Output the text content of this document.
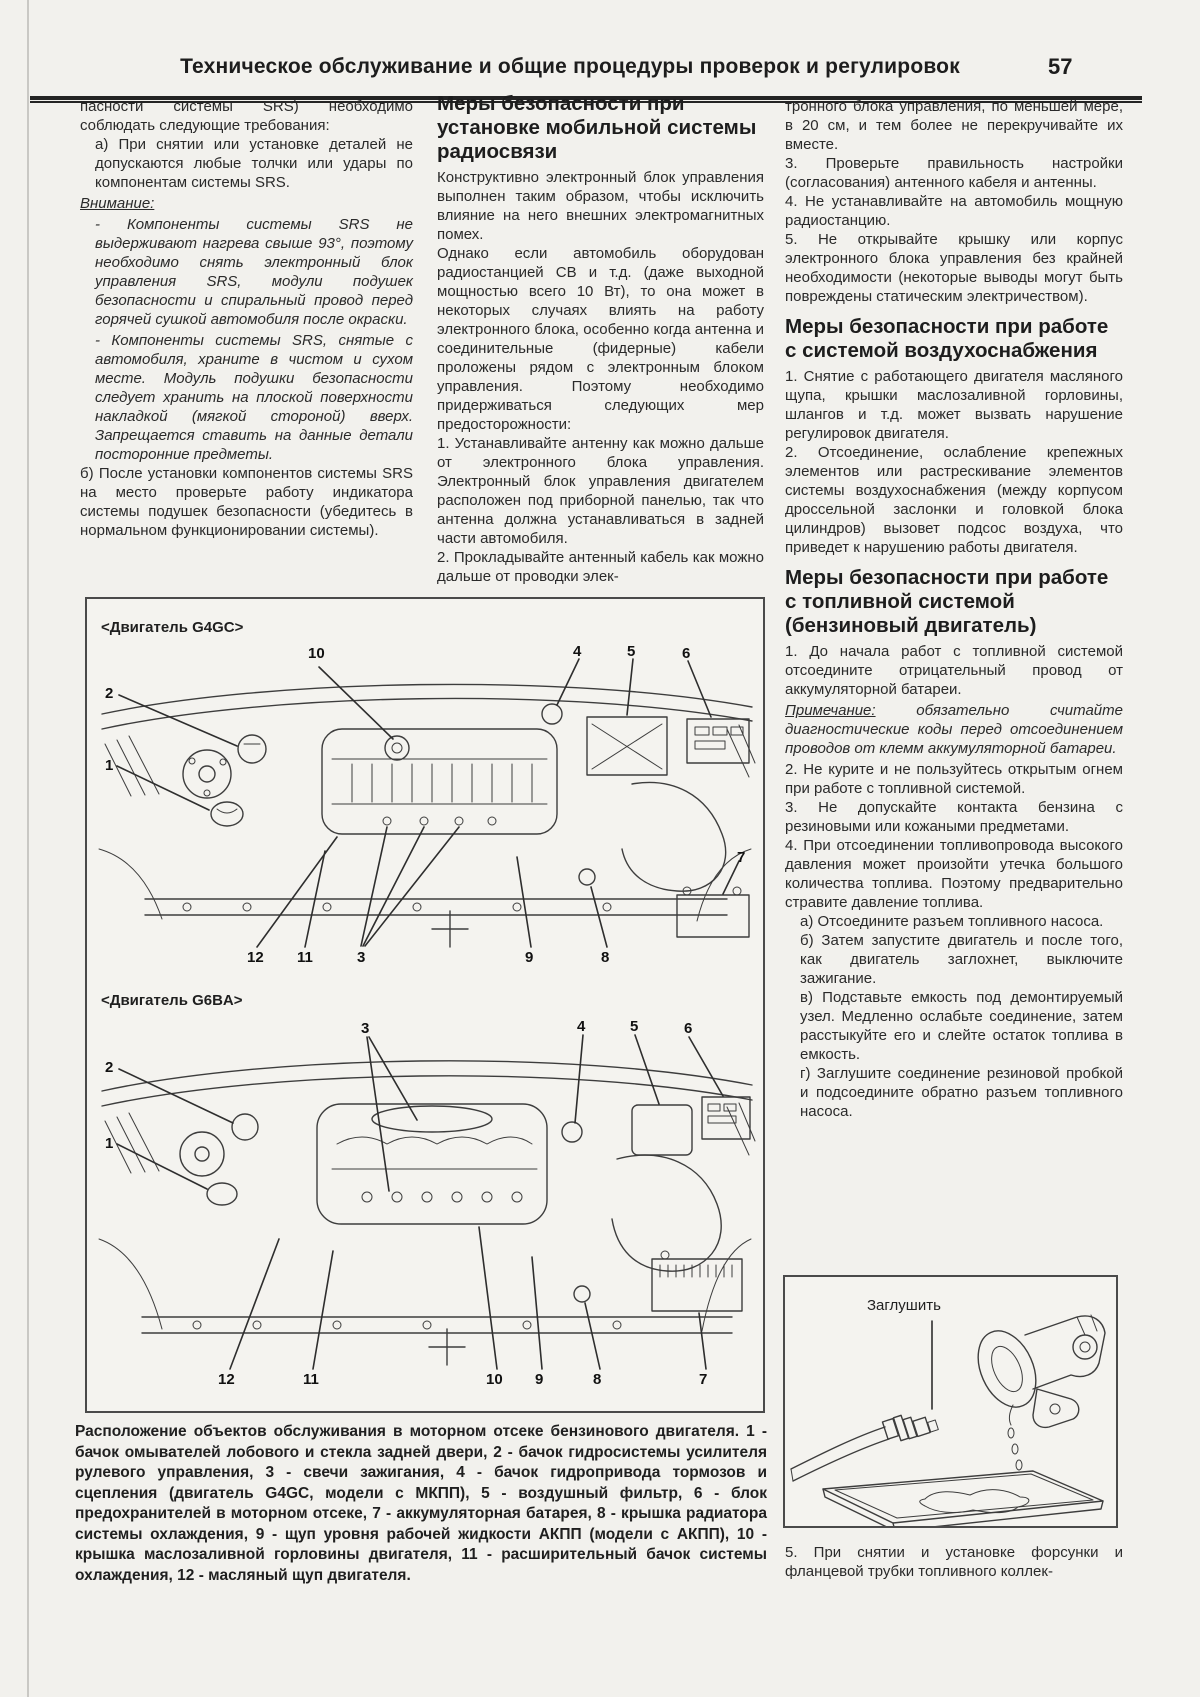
Техническое обслуживание и общие процедуры проверок и регулировок	57

пасности системы SRS) необходимо соблюдать следующие требования:

а) При снятии или установке деталей не допускаются любые толчки или удары по компонентам системы SRS.

Внимание:

- Компоненты системы SRS не выдерживают нагрева свыше 93°, поэтому необходимо снять электронный блок управления SRS, модули подушек безопасности и спиральный провод перед горячей сушкой автомобиля после окраски.

- Компоненты системы SRS, снятые с автомобиля, храните в чистом и сухом месте. Модуль подушки безопасности следует хранить на плоской поверхности накладкой (мягкой стороной) вверх. Запрещается ставить на данные детали посторонние предметы.

б) После установки компонентов системы SRS на место проверьте работу индикатора системы подушек безопасности (убедитесь в нормальном функционировании системы).

Меры безопасности при установке мобильной системы радиосвязи

Конструктивно электронный блок управления выполнен таким образом, чтобы исключить влияние на него внешних электромагнитных помех.

Однако если автомобиль оборудован радиостанцией СВ и т.д. (даже выходной мощностью всего 10 Вт), то она может в некоторых случаях влиять на работу электронного блока, особенно когда антенна и соединительные (фидерные) кабели проложены рядом с электронным блоком управления. Поэтому необходимо придерживаться следующих мер предосторожности:

1. Устанавливайте антенну как можно дальше от электронного блока управления. Электронный блок управления двигателем расположен под приборной панелью, так что антенна должна устанавливаться в задней части автомобиля.

2. Прокладывайте антенный кабель как можно дальше от проводки элек-

тронного блока управления, по меньшей мере, в 20 см, и тем более не перекручивайте их вместе.

3. Проверьте правильность настройки (согласования) антенного кабеля и антенны.

4. Не устанавливайте на автомобиль мощную радиостанцию.

5. Не открывайте крышку или корпус электронного блока управления без крайней необходимости (некоторые выводы могут быть повреждены статическим электричеством).

Меры безопасности при работе с системой воздухоснабжения

1. Снятие с работающего двигателя масляного щупа, крышки маслозаливной горловины, шлангов и т.д. может вызвать нарушение регулировок двигателя.

2. Отсоединение, ослабление крепежных элементов или растрескивание элементов системы воздухоснабжения (между корпусом дроссельной заслонки и головкой блока цилиндров) вызовет подсос воздуха, что приведет к нарушению работы двигателя.

Меры безопасности при работе с топливной системой (бензиновый двигатель)

1. До начала работ с топливной системой отсоедините отрицательный провод от аккумуляторной батареи.

Примечание: обязательно считайте диагностические коды перед отсоединением проводов от клемм аккумуляторной батареи.

2. Не курите и не пользуйтесь открытым огнем при работе с топливной системой.

3. Не допускайте контакта бензина с резиновыми или кожаными предметами.

4. При отсоединении топливопровода высокого давления может произойти утечка большого количества топлива. Поэтому предварительно стравите давление топлива.

а) Отсоедините разъем топливного насоса.

б) Затем запустите двигатель и после того, как двигатель заглохнет, выключите зажигание.

в) Подставьте емкость под демонтируемый узел. Медленно ослабьте соединение, затем расстыкуйте его и слейте остаток топлива в емкость.

г) Заглушите соединение резиновой пробкой и подсоедините обратно разъем топливного насоса.

<Двигатель G4GC>
<Двигатель G6BA>
10	4	5	6
2
1
7
12 11	3	9	8
3	4	5	6
2
1
12	11	10 9	8	7
Расположение объектов обслуживания в моторном отсеке бензинового двигателя. 1 - бачок омывателей лобового и стекла задней двери, 2 - бачок гидросистемы усилителя рулевого управления, 3 - свечи зажигания, 4 - бачок гидропривода тормозов и сцепления (двигатель G4GC, модели с МКПП), 5 - воздушный фильтр, 6 - блок предохранителей в моторном отсеке, 7 - аккумуляторная батарея, 8 - крышка радиатора системы охлаждения, 9 - щуп уровня рабочей жидкости АКПП (модели с АКПП), 10 - крышка маслозаливной горловины двигателя, 11 - расширительный бачок системы охлаждения, 12 - масляный щуп двигателя.
Заглушить
5. При снятии и установке форсунки и фланцевой трубки топливного коллек-
